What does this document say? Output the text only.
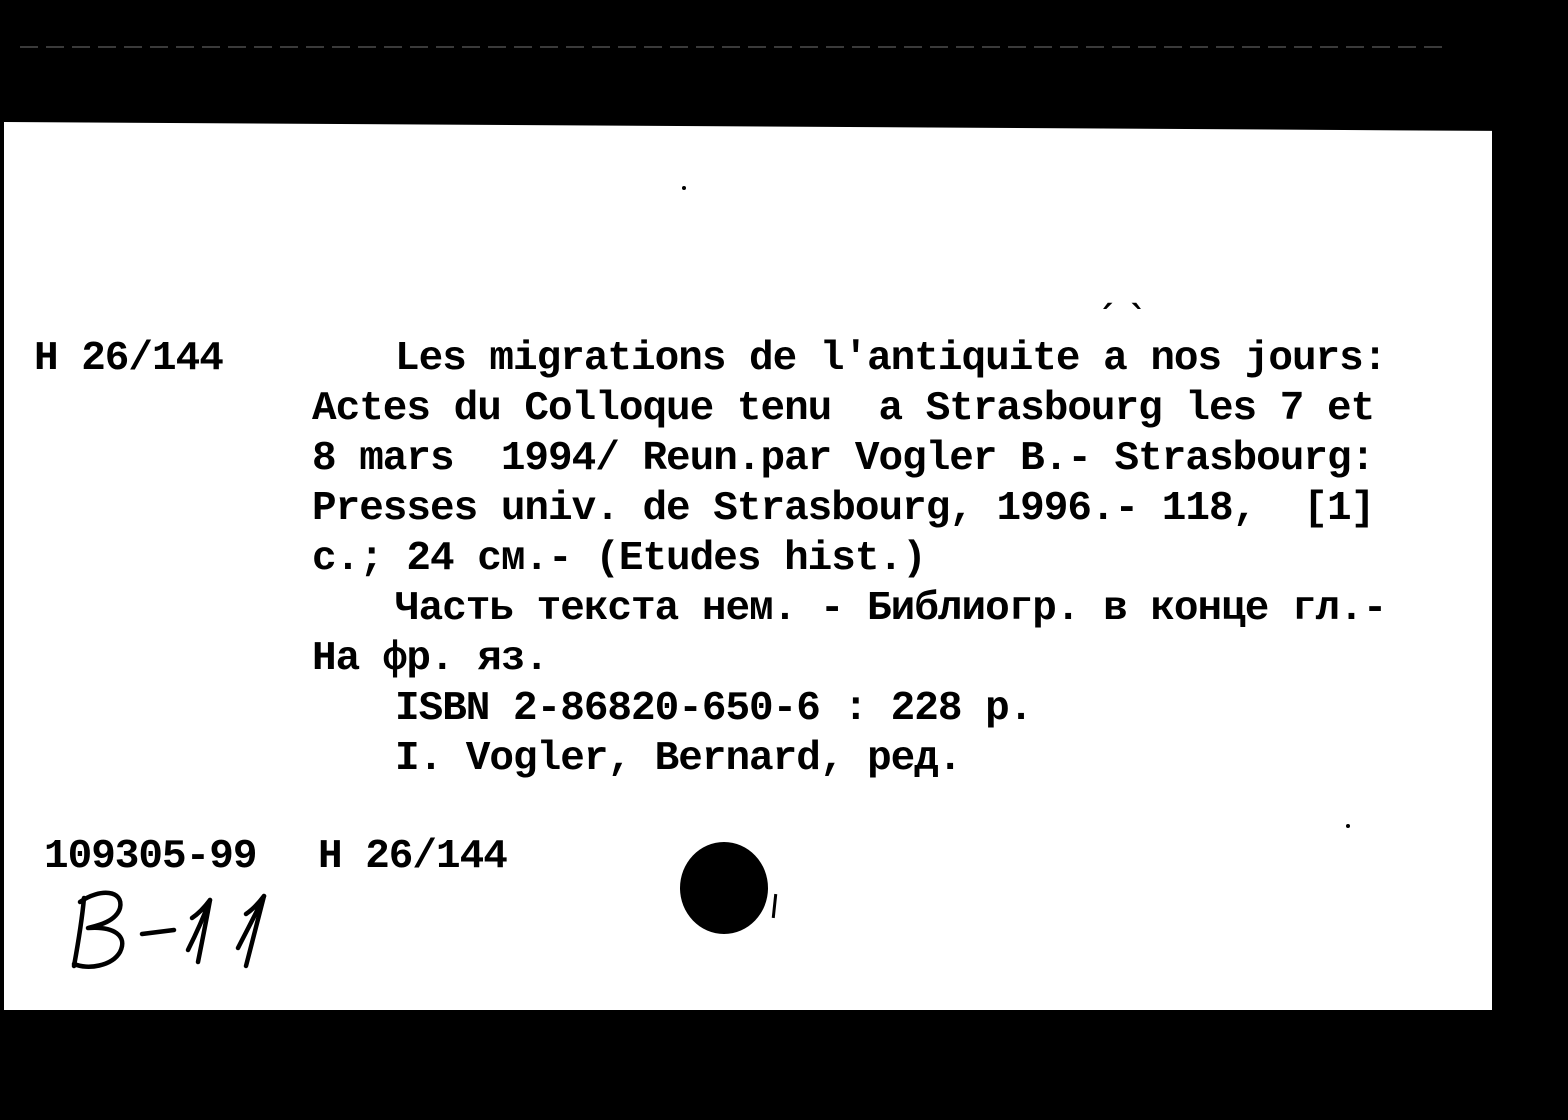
Н 26/144
ˊ ˋ
Les migrations de l'antiquite a nos jours:
Actes du Colloque tenu  a Strasbourg les 7 et
8 mars  1994/ Reun.par Vogler B.- Strasbourg:
Presses univ. de Strasbourg, 1996.- 118,  [1]
c.; 24 см.- (Etudes hist.)
Часть текста нем. - Библиогр. в конце гл.-
На фр. яз.
ISBN 2-86820-650-6 : 228 р.
I. Vogler, Bernard, ред.
109305-99 Н 26/144
